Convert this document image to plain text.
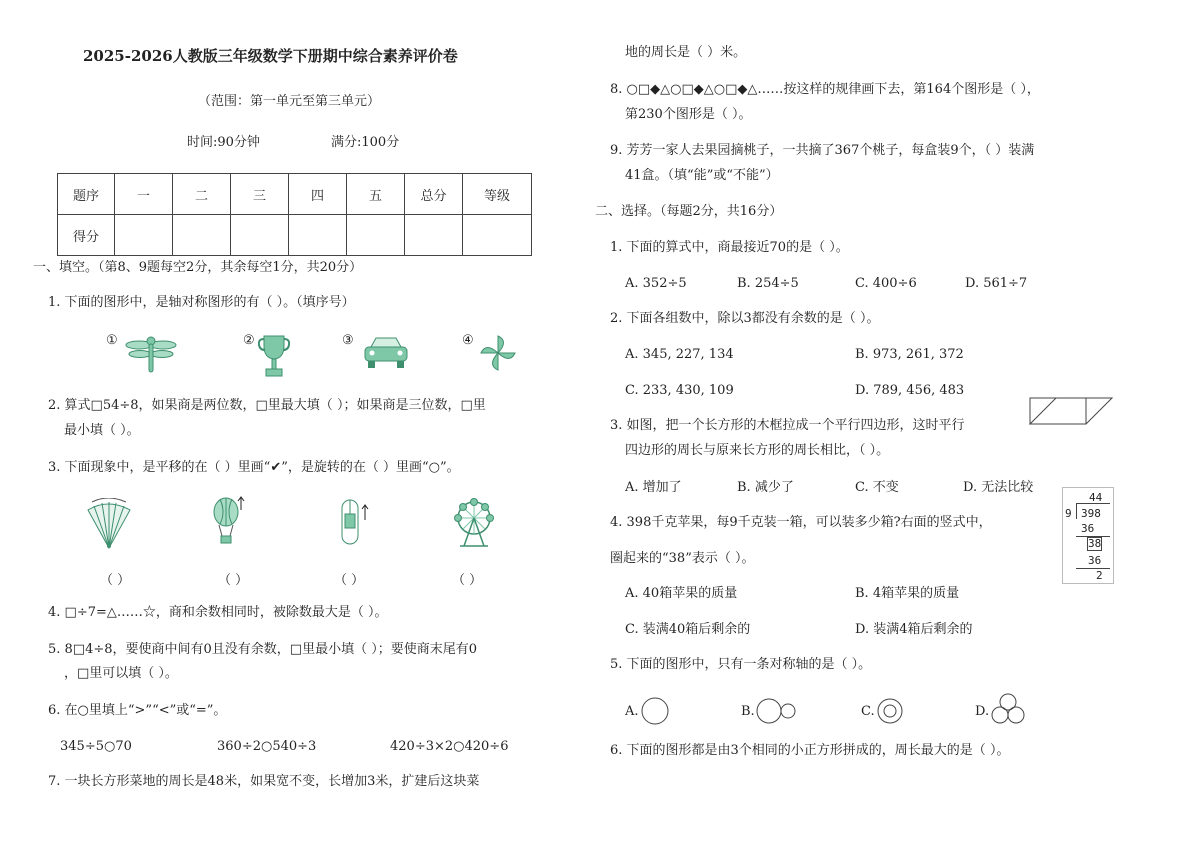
2025-2026人教版三年级数学下册期中综合素养评价卷
（范围：第一单元至第三单元）
时间:90分钟	满分:100分
题序	一	二	三	四	五	总分	等级
得分							
一、填空。（第8、9题每空2分，其余每空1分，共20分）
1. 下面的图形中，是轴对称图形的有（ ）。（填序号）
①	②	③	④
2. 算式□54÷8，如果商是两位数，□里最大填（ ）；如果商是三位数，□里
最小填（ ）。
3. 下面现象中，是平移的在（ ）里画“✔”，是旋转的在（ ）里画“○”。
（ ）	（ ）	（ ）	（ ）
4. □÷7=△……☆，商和余数相同时，被除数最大是（ ）。
5. 8□4÷8，要使商中间有0且没有余数，□里最小填（ ）；要使商末尾有0
，□里可以填（ ）。
6. 在○里填上“>”“<”或“=”。
345÷5○70	360÷2○540÷3	420÷3×2○420÷6
7. 一块长方形菜地的周长是48米，如果宽不变，长增加3米，扩建后这块菜
地的周长是（ ）米。
8. ○□◆△○□◆△○□◆△……按这样的规律画下去，第164个图形是（ ），
第230个图形是（ ）。
9. 芳芳一家人去果园摘桃子，一共摘了367个桃子，每盒装9个，（ ）装满
41盒。（填“能”或“不能”）
二、选择。（每题2分，共16分）
1. 下面的算式中，商最接近70的是（ ）。
A. 352÷5	B. 254÷5	C. 400÷6	D. 561÷7
2. 下面各组数中，除以3都没有余数的是（ ）。
A. 345, 227, 134	B. 973, 261, 372
C. 233, 430, 109	D. 789, 456, 483
3. 如图，把一个长方形的木框拉成一个平行四边形，这时平行
四边形的周长与原来长方形的周长相比，（ ）。
A. 增加了	B. 减少了	C. 不变	D. 无法比较
4. 398千克苹果，每9千克装一箱，可以装多少箱?右面的竖式中，
圈起来的“38”表示（ ）。
44
9 398
36
38
36
2
A. 40箱苹果的质量	B. 4箱苹果的质量
C. 装满40箱后剩余的	D. 装满4箱后剩余的
5. 下面的图形中，只有一条对称轴的是（ ）。
A.	B.	C.	D.
6. 下面的图形都是由3个相同的小正方形拼成的，周长最大的是（ ）。
